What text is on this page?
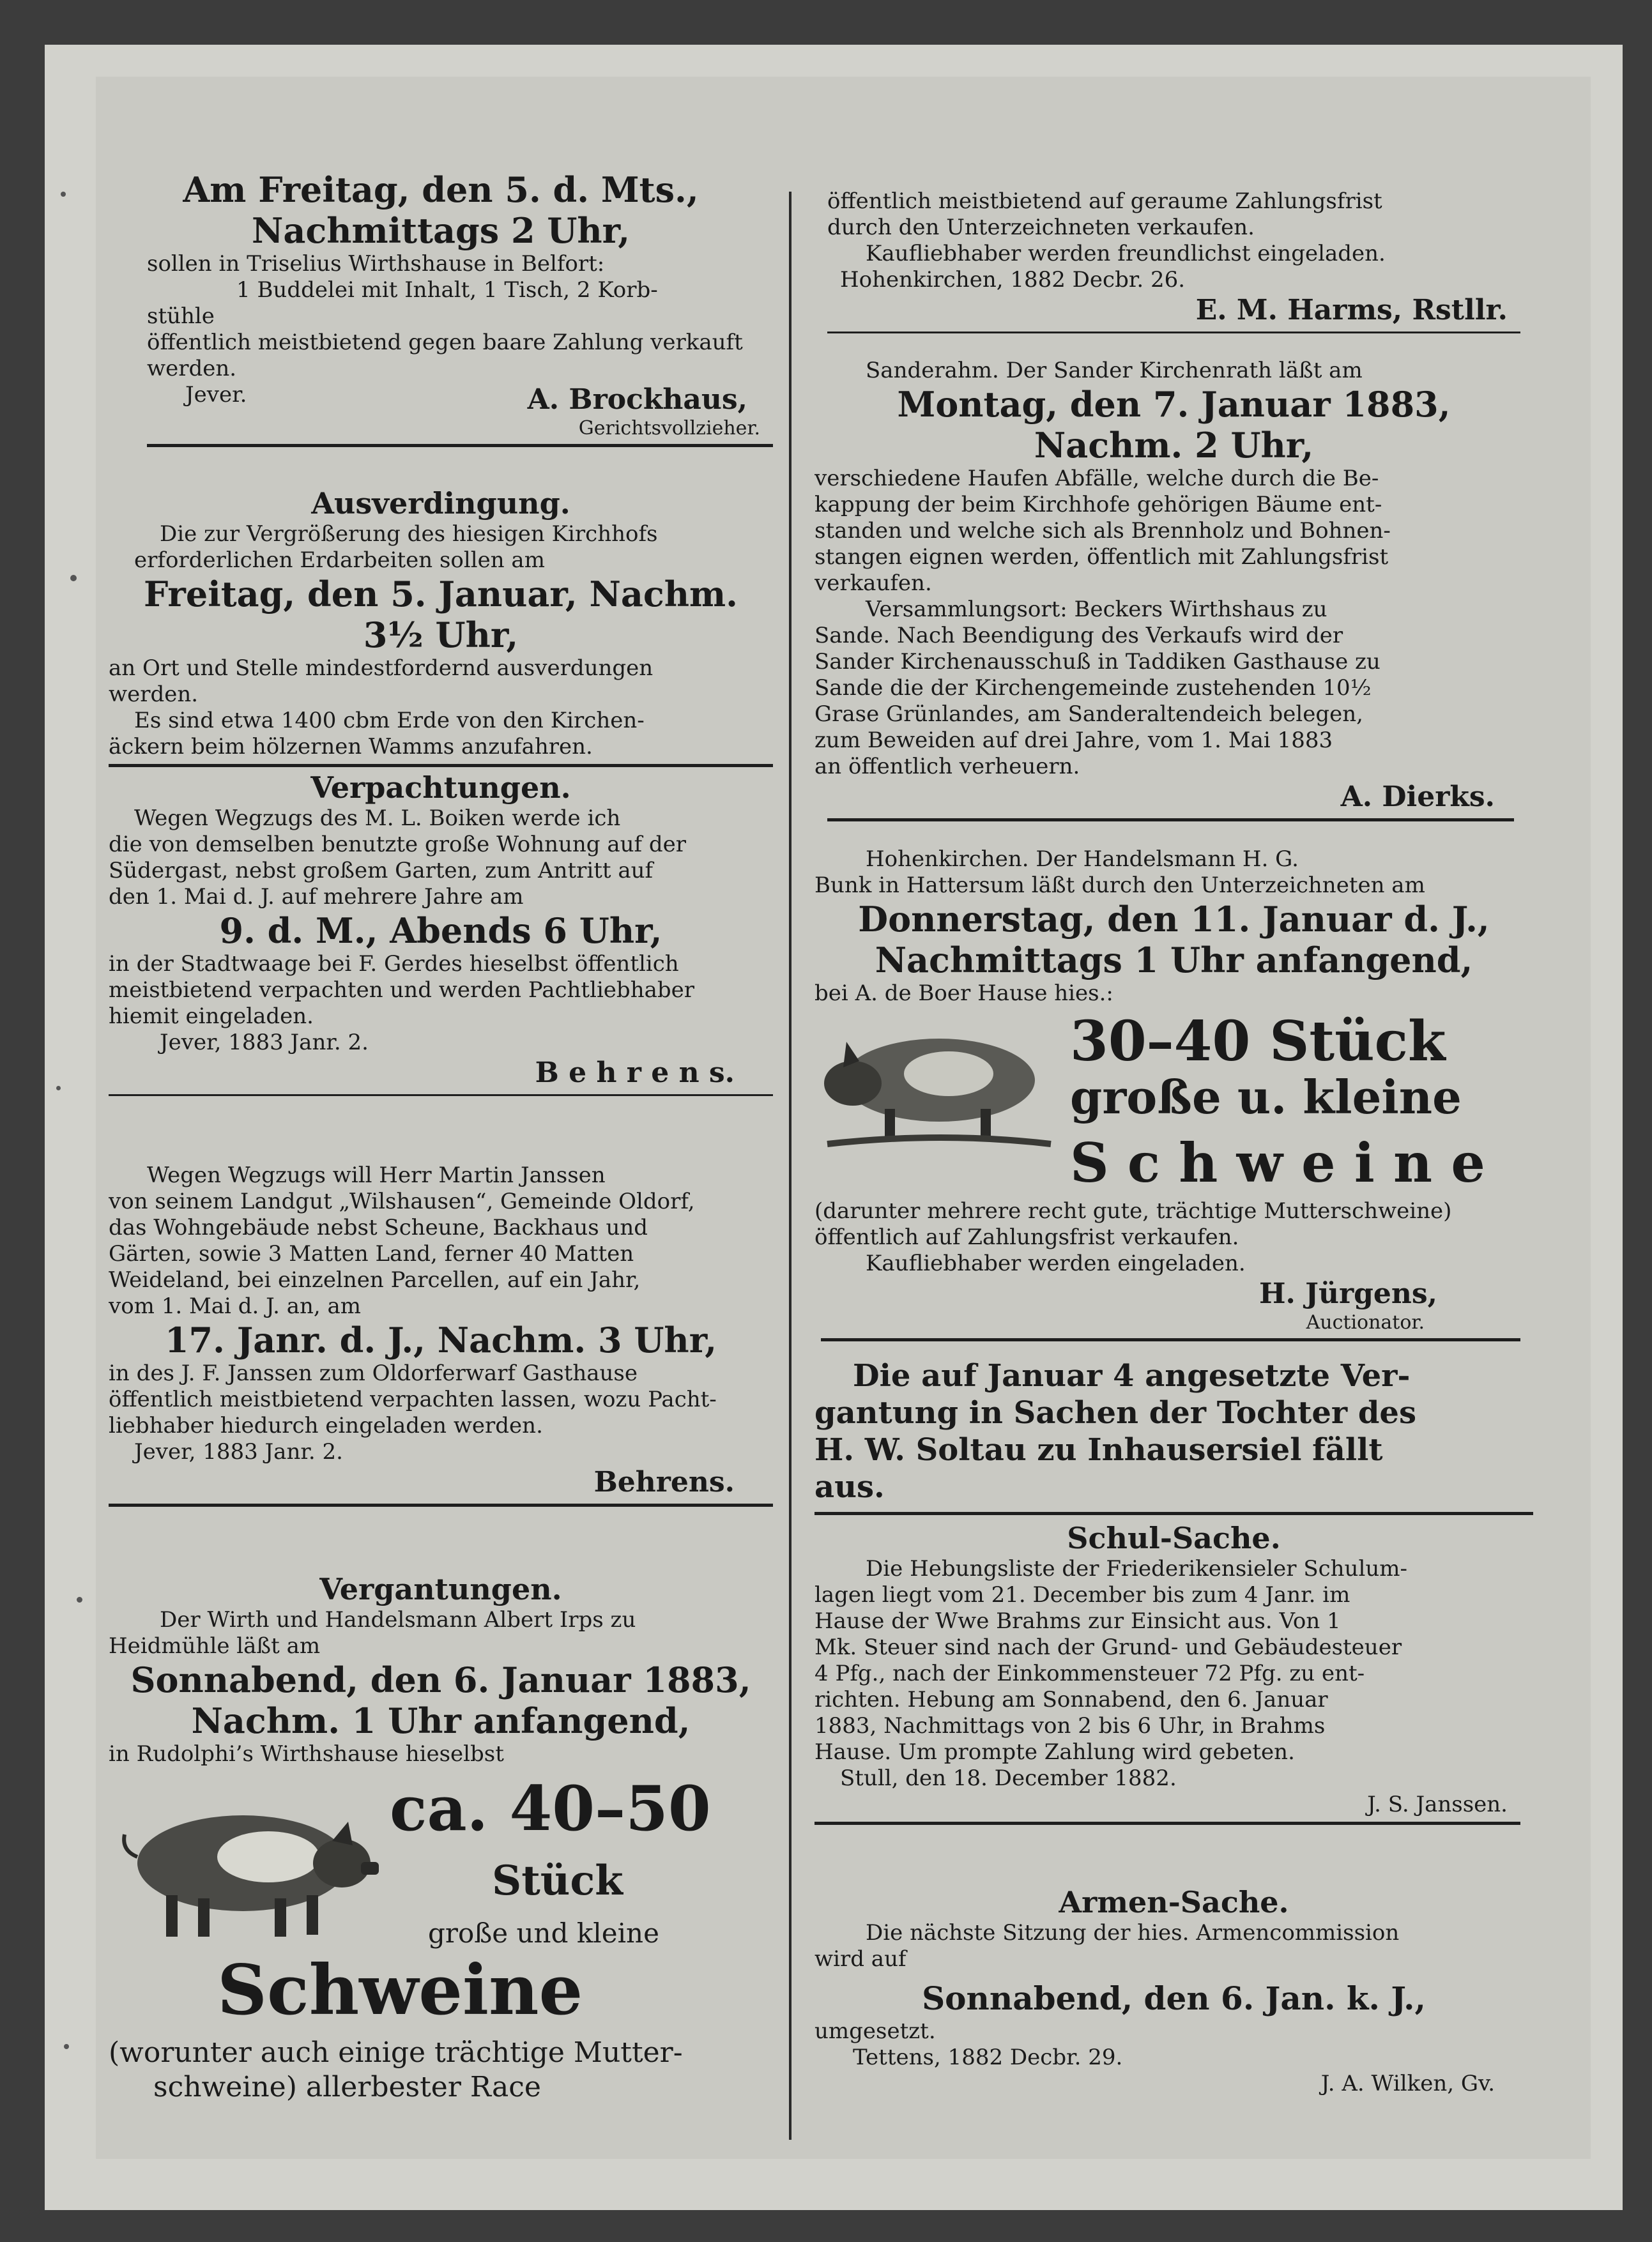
Am Freitag, den 5. d. Mts.,
Nachmittags 2 Uhr,
sollen in Triselius Wirthshause in Belfort:
1 Buddelei mit Inhalt, 1 Tisch, 2 Korb-
stühle
öffentlich meistbietend gegen baare Zahlung verkauft
werden.
Jever.	A. Brockhaus,
Gerichtsvollzieher.
Ausverdingung.
Die zur Vergrößerung des hiesigen Kirchhofs
erforderlichen Erdarbeiten sollen am
Freitag, den 5. Januar, Nachm.
3½ Uhr,
an Ort und Stelle mindestfordernd ausverdungen
werden.
Es sind etwa 1400 cbm Erde von den Kirchen-
äckern beim hölzernen Wamms anzufahren.
Verpachtungen.
Wegen Wegzugs des M. L. Boiken werde ich
die von demselben benutzte große Wohnung auf der
Südergast, nebst großem Garten, zum Antritt auf
den 1. Mai d. J. auf mehrere Jahre am
9. d. M., Abends 6 Uhr,
in der Stadtwaage bei F. Gerdes hieselbst öffentlich
meistbietend verpachten und werden Pachtliebhaber
hiemit eingeladen.
Jever, 1883 Janr. 2.
B e h r e n s.
Wegen Wegzugs will Herr Martin Janssen
von seinem Landgut „Wilshausen“, Gemeinde Oldorf,
das Wohngebäude nebst Scheune, Backhaus und
Gärten, sowie 3 Matten Land, ferner 40 Matten
Weideland, bei einzelnen Parcellen, auf ein Jahr,
vom 1. Mai d. J. an, am
17. Janr. d. J., Nachm. 3 Uhr,
in des J. F. Janssen zum Oldorferwarf Gasthause
öffentlich meistbietend verpachten lassen, wozu Pacht-
liebhaber hiedurch eingeladen werden.
Jever, 1883 Janr. 2.
Behrens.
Vergantungen.
Der Wirth und Handelsmann Albert Irps zu
Heidmühle läßt am
Sonnabend, den 6. Januar 1883,
Nachm. 1 Uhr anfangend,
in Rudolphi’s Wirthshause hieselbst
ca. 40–50
Stück
große und kleine
Schweine
(worunter auch einige trächtige Mutter-
schweine) allerbester Race
öffentlich meistbietend auf geraume Zahlungsfrist
durch den Unterzeichneten verkaufen.
Kaufliebhaber werden freundlichst eingeladen.
Hohenkirchen, 1882 Decbr. 26.
E. M. Harms, Rstllr.
Sanderahm. Der Sander Kirchenrath läßt am
Montag, den 7. Januar 1883,
Nachm. 2 Uhr,
verschiedene Haufen Abfälle, welche durch die Be-
kappung der beim Kirchhofe gehörigen Bäume ent-
standen und welche sich als Brennholz und Bohnen-
stangen eignen werden, öffentlich mit Zahlungsfrist
verkaufen.
Versammlungsort: Beckers Wirthshaus zu
Sande. Nach Beendigung des Verkaufs wird der
Sander Kirchenausschuß in Taddiken Gasthause zu
Sande die der Kirchengemeinde zustehenden 10½
Grase Grünlandes, am Sanderaltendeich belegen,
zum Beweiden auf drei Jahre, vom 1. Mai 1883
an öffentlich verheuern.
A. Dierks.
Hohenkirchen. Der Handelsmann H. G.
Bunk in Hattersum läßt durch den Unterzeichneten am
Donnerstag, den 11. Januar d. J.,
Nachmittags 1 Uhr anfangend,
bei A. de Boer Hause hies.:
30–40 Stück
große u. kleine
S c h w e i n e
(darunter mehrere recht gute, trächtige Mutterschweine)
öffentlich auf Zahlungsfrist verkaufen.
Kaufliebhaber werden eingeladen.
H. Jürgens,
Auctionator.
Die auf Januar 4 angesetzte Ver-
gantung in Sachen der Tochter des
H. W. Soltau zu Inhausersiel fällt
aus.
Schul-Sache.
Die Hebungsliste der Friederikensieler Schulum-
lagen liegt vom 21. December bis zum 4 Janr. im
Hause der Wwe Brahms zur Einsicht aus. Von 1
Mk. Steuer sind nach der Grund- und Gebäudesteuer
4 Pfg., nach der Einkommensteuer 72 Pfg. zu ent-
richten. Hebung am Sonnabend, den 6. Januar
1883, Nachmittags von 2 bis 6 Uhr, in Brahms
Hause. Um prompte Zahlung wird gebeten.
Stull, den 18. December 1882.
J. S. Janssen.
Armen-Sache.
Die nächste Sitzung der hies. Armencommission
wird auf
Sonnabend, den 6. Jan. k. J.,
umgesetzt.
Tettens, 1882 Decbr. 29.
J. A. Wilken, Gv.
